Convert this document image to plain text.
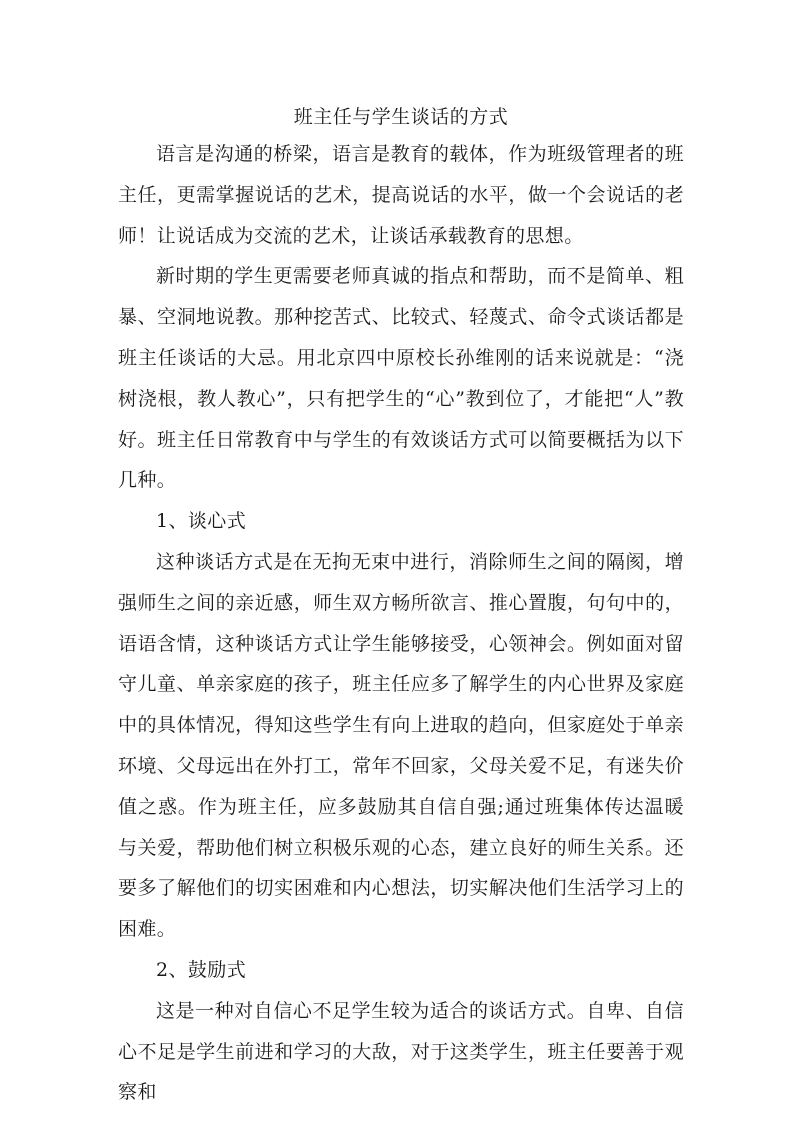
班主任与学生谈话的方式

语言是沟通的桥梁，语言是教育的载体，作为班级管理者的班主任，更需掌握说话的艺术，提高说话的水平，做一个会说话的老师！让说话成为交流的艺术，让谈话承载教育的思想。

新时期的学生更需要老师真诚的指点和帮助，而不是简单、粗暴、空洞地说教。那种挖苦式、比较式、轻蔑式、命令式谈话都是班主任谈话的大忌。用北京四中原校长孙维刚的话来说就是：“浇树浇根，教人教心”，只有把学生的“心”教到位了，才能把“人”教好。班主任日常教育中与学生的有效谈话方式可以简要概括为以下几种。

1、谈心式

这种谈话方式是在无拘无束中进行，消除师生之间的隔阂，增强师生之间的亲近感，师生双方畅所欲言、推心置腹，句句中的，语语含情，这种谈话方式让学生能够接受，心领神会。例如面对留守儿童、单亲家庭的孩子，班主任应多了解学生的内心世界及家庭中的具体情况，得知这些学生有向上进取的趋向，但家庭处于单亲环境、父母远出在外打工，常年不回家，父母关爱不足，有迷失价值之惑。作为班主任，应多鼓励其自信自强;通过班集体传达温暖与关爱，帮助他们树立积极乐观的心态，建立良好的师生关系。还要多了解他们的切实困难和内心想法，切实解决他们生活学习上的困难。

2、鼓励式

这是一种对自信心不足学生较为适合的谈话方式。自卑、自信心不足是学生前进和学习的大敌，对于这类学生，班主任要善于观察和
